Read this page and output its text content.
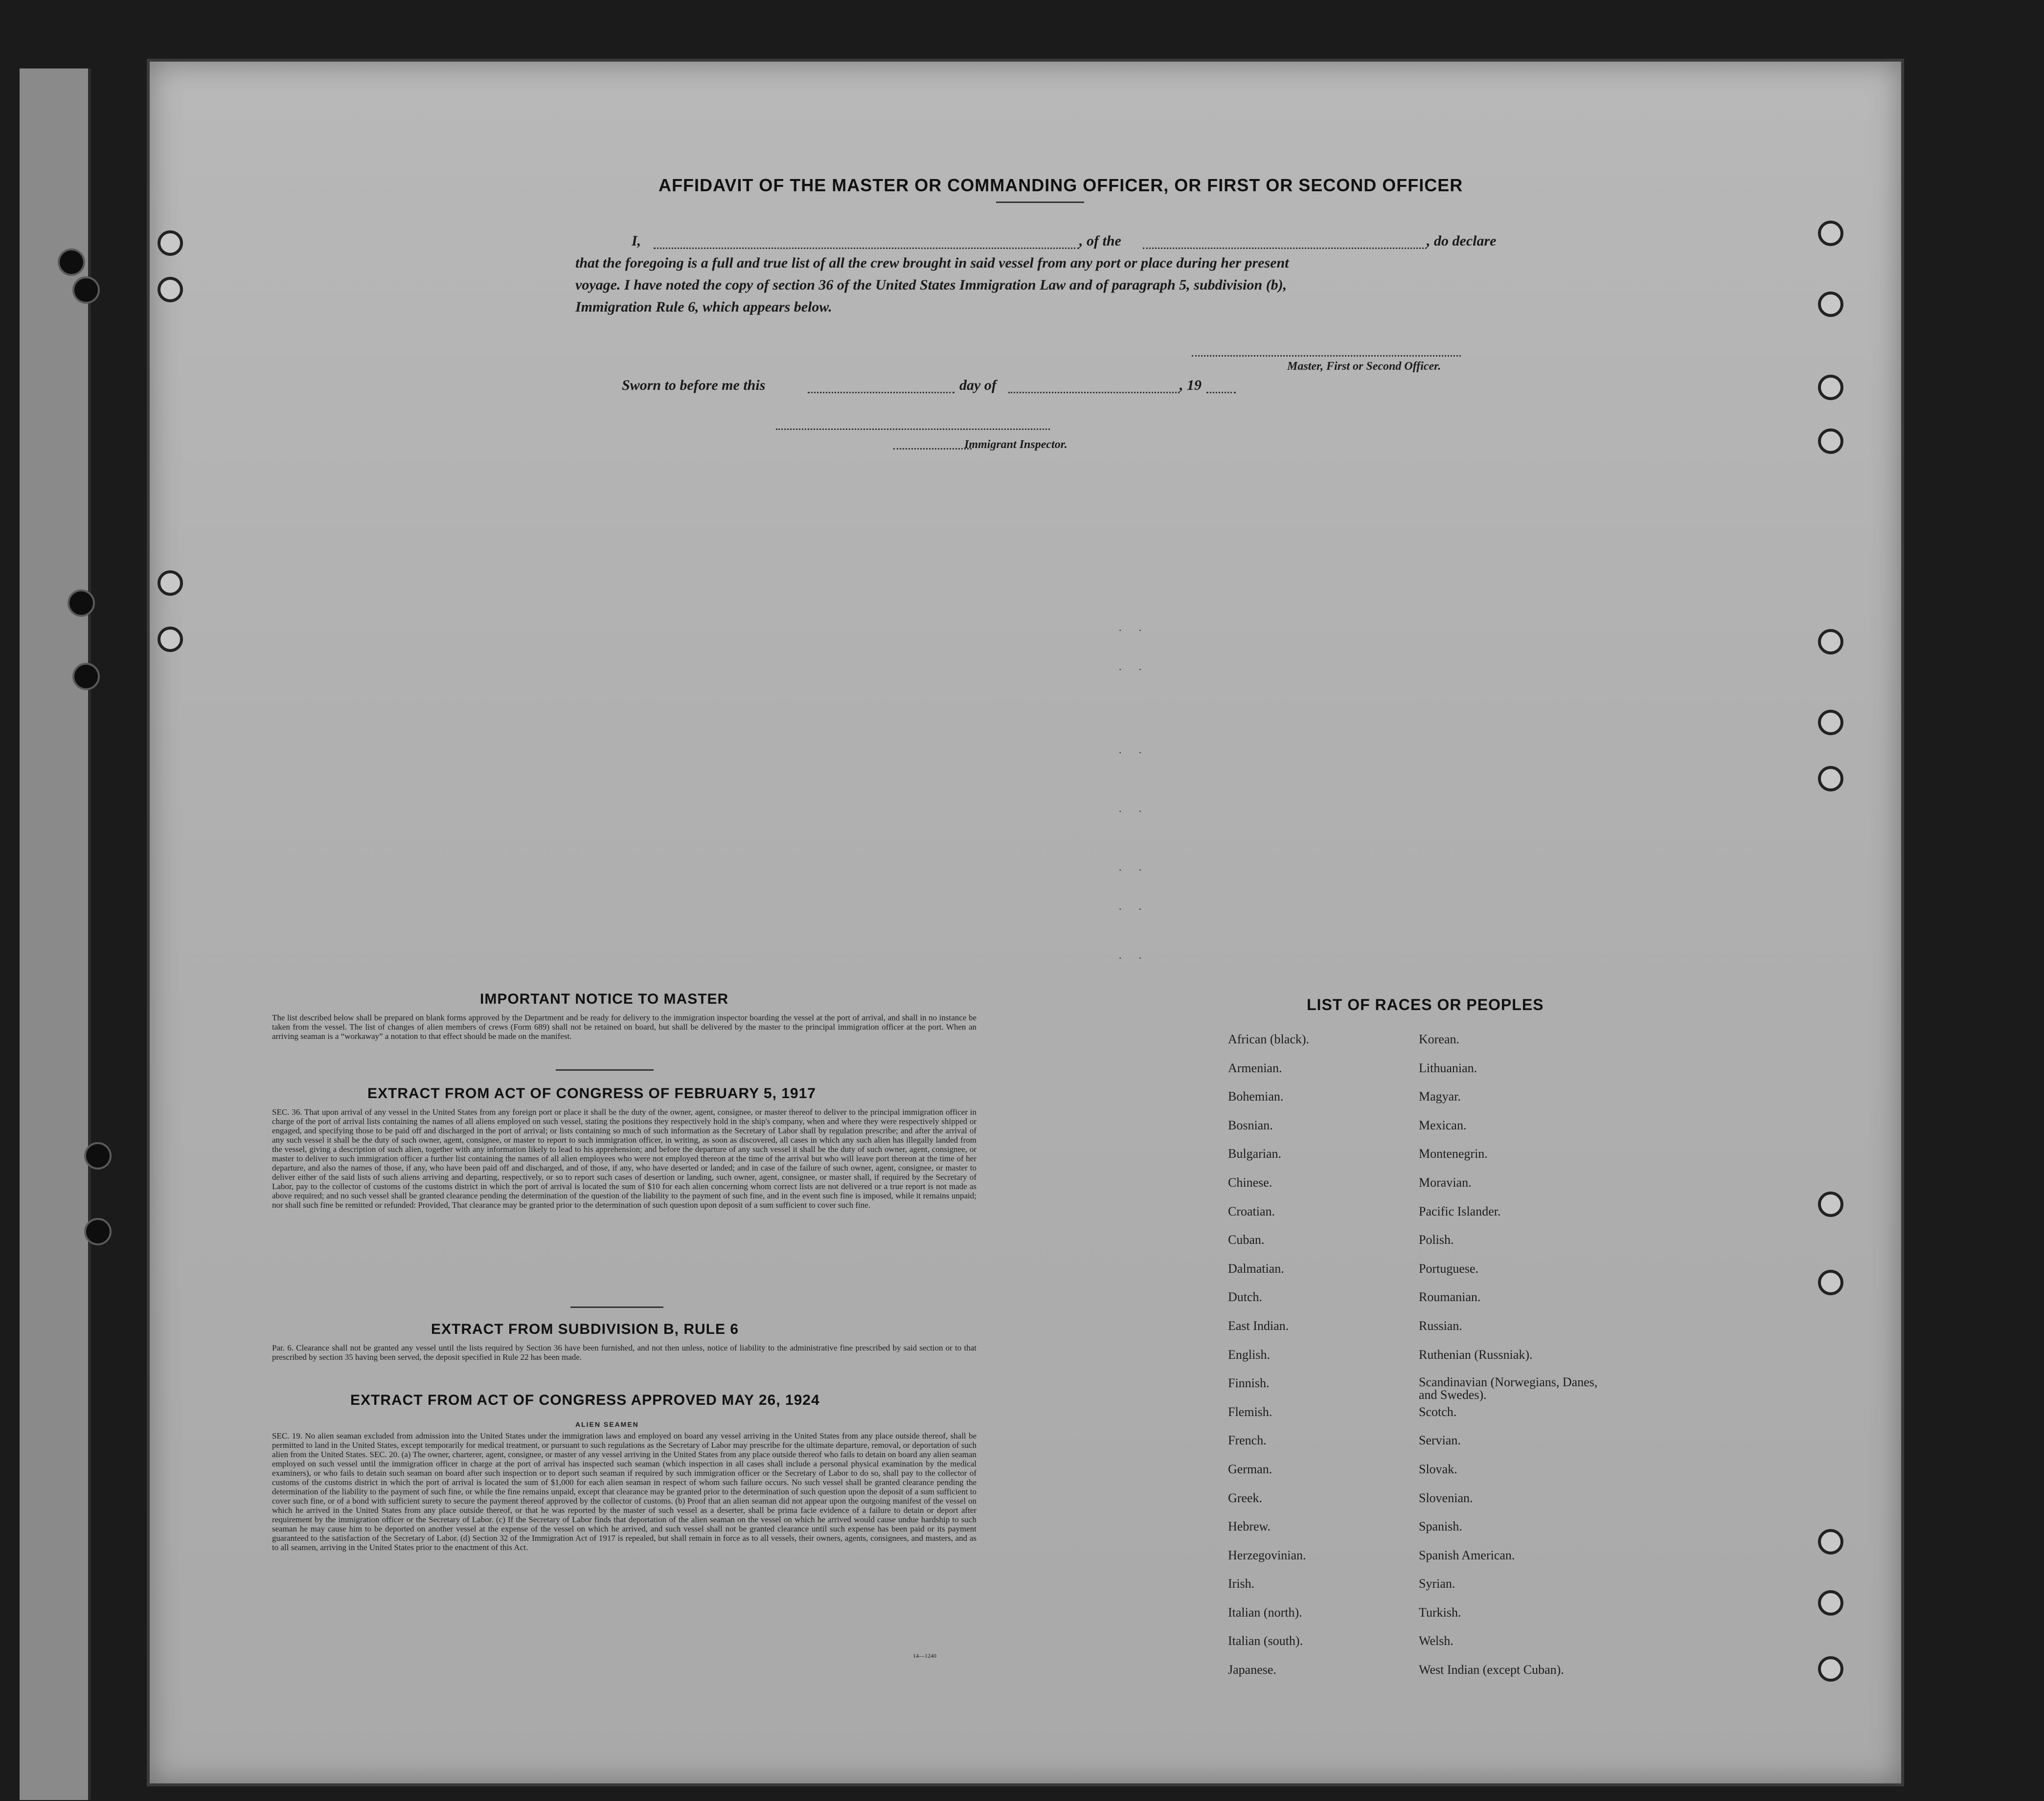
AFFIDAVIT OF THE MASTER OR COMMANDING OFFICER, OR FIRST OR SECOND OFFICER
I,	, of the	, do declare
that the foregoing is a full and true list of all the crew brought in said vessel from any port or place during her present
voyage. I have noted the copy of section 36 of the United States Immigration Law and of paragraph 5, subdivision (b),
Immigration Rule 6, which appears below.
Master, First or Second Officer.
Sworn to before me this	day of	, 19
Immigrant Inspector.
· ·
· ·
· ·
· ·
· ·
· ·
· ·
IMPORTANT NOTICE TO MASTER
The list described below shall be prepared on blank forms approved by the Department and be ready for delivery to the immigration inspector boarding the vessel at the port of arrival, and shall in no instance be taken from the vessel. The list of changes of alien members of crews (Form 689) shall not be retained on board, but shall be delivered by the master to the principal immigration officer at the port. When an arriving seaman is a “workaway” a notation to that effect should be made on the manifest.
EXTRACT FROM ACT OF CONGRESS OF FEBRUARY 5, 1917
SEC. 36. That upon arrival of any vessel in the United States from any foreign port or place it shall be the duty of the owner, agent, consignee, or master thereof to deliver to the principal immigration officer in charge of the port of arrival lists containing the names of all aliens employed on such vessel, stating the positions they respectively hold in the ship's company, when and where they were respectively shipped or engaged, and specifying those to be paid off and discharged in the port of arrival; or lists containing so much of such information as the Secretary of Labor shall by regulation prescribe; and after the arrival of any such vessel it shall be the duty of such owner, agent, consignee, or master to report to such immigration officer, in writing, as soon as discovered, all cases in which any such alien has illegally landed from the vessel, giving a description of such alien, together with any information likely to lead to his apprehension; and before the departure of any such vessel it shall be the duty of such owner, agent, consignee, or master to deliver to such immigration officer a further list containing the names of all alien employees who were not employed thereon at the time of the arrival but who will leave port thereon at the time of her departure, and also the names of those, if any, who have been paid off and discharged, and of those, if any, who have deserted or landed; and in case of the failure of such owner, agent, consignee, or master to deliver either of the said lists of such aliens arriving and departing, respectively, or so to report such cases of desertion or landing, such owner, agent, consignee, or master shall, if required by the Secretary of Labor, pay to the collector of customs of the customs district in which the port of arrival is located the sum of $10 for each alien concerning whom correct lists are not delivered or a true report is not made as above required; and no such vessel shall be granted clearance pending the determination of the question of the liability to the payment of such fine, and in the event such fine is imposed, while it remains unpaid; nor shall such fine be remitted or refunded: Provided, That clearance may be granted prior to the determination of such question upon deposit of a sum sufficient to cover such fine.
EXTRACT FROM SUBDIVISION B, RULE 6
Par. 6. Clearance shall not be granted any vessel until the lists required by Section 36 have been furnished, and not then unless, notice of liability to the administrative fine prescribed by said section or to that prescribed by section 35 having been served, the deposit specified in Rule 22 has been made.
EXTRACT FROM ACT OF CONGRESS APPROVED MAY 26, 1924
ALIEN SEAMEN
SEC. 19. No alien seaman excluded from admission into the United States under the immigration laws and employed on board any vessel arriving in the United States from any place outside thereof, shall be permitted to land in the United States, except temporarily for medical treatment, or pursuant to such regulations as the Secretary of Labor may prescribe for the ultimate departure, removal, or deportation of such alien from the United States. SEC. 20. (a) The owner, charterer, agent, consignee, or master of any vessel arriving in the United States from any place outside thereof who fails to detain on board any alien seaman employed on such vessel until the immigration officer in charge at the port of arrival has inspected such seaman (which inspection in all cases shall include a personal physical examination by the medical examiners), or who fails to detain such seaman on board after such inspection or to deport such seaman if required by such immigration officer or the Secretary of Labor to do so, shall pay to the collector of customs of the customs district in which the port of arrival is located the sum of $1,000 for each alien seaman in respect of whom such failure occurs. No such vessel shall be granted clearance pending the determination of the liability to the payment of such fine, or while the fine remains unpaid, except that clearance may be granted prior to the determination of such question upon the deposit of a sum sufficient to cover such fine, or of a bond with sufficient surety to secure the payment thereof approved by the collector of customs. (b) Proof that an alien seaman did not appear upon the outgoing manifest of the vessel on which he arrived in the United States from any place outside thereof, or that he was reported by the master of such vessel as a deserter, shall be prima facie evidence of a failure to detain or deport after requirement by the immigration officer or the Secretary of Labor. (c) If the Secretary of Labor finds that deportation of the alien seaman on the vessel on which he arrived would cause undue hardship to such seaman he may cause him to be deported on another vessel at the expense of the vessel on which he arrived, and such vessel shall not be granted clearance until such expense has been paid or its payment guaranteed to the satisfaction of the Secretary of Labor. (d) Section 32 of the Immigration Act of 1917 is repealed, but shall remain in force as to all vessels, their owners, agents, consignees, and masters, and as to all seamen, arriving in the United States prior to the enactment of this Act.
14—1240
LIST OF RACES OR PEOPLES
African (black).	Korean.
Armenian.	Lithuanian.
Bohemian.	Magyar.
Bosnian.	Mexican.
Bulgarian.	Montenegrin.
Chinese.	Moravian.
Croatian.	Pacific Islander.
Cuban.	Polish.
Dalmatian.	Portuguese.
Dutch.	Roumanian.
East Indian.	Russian.
English.	Ruthenian (Russniak).
Finnish.	Scandinavian (Norwegians, Danes, and Swedes).
Flemish.	Scotch.
French.	Servian.
German.	Slovak.
Greek.	Slovenian.
Hebrew.	Spanish.
Herzegovinian.	Spanish American.
Irish.	Syrian.
Italian (north).	Turkish.
Italian (south).	Welsh.
Japanese.	West Indian (except Cuban).
